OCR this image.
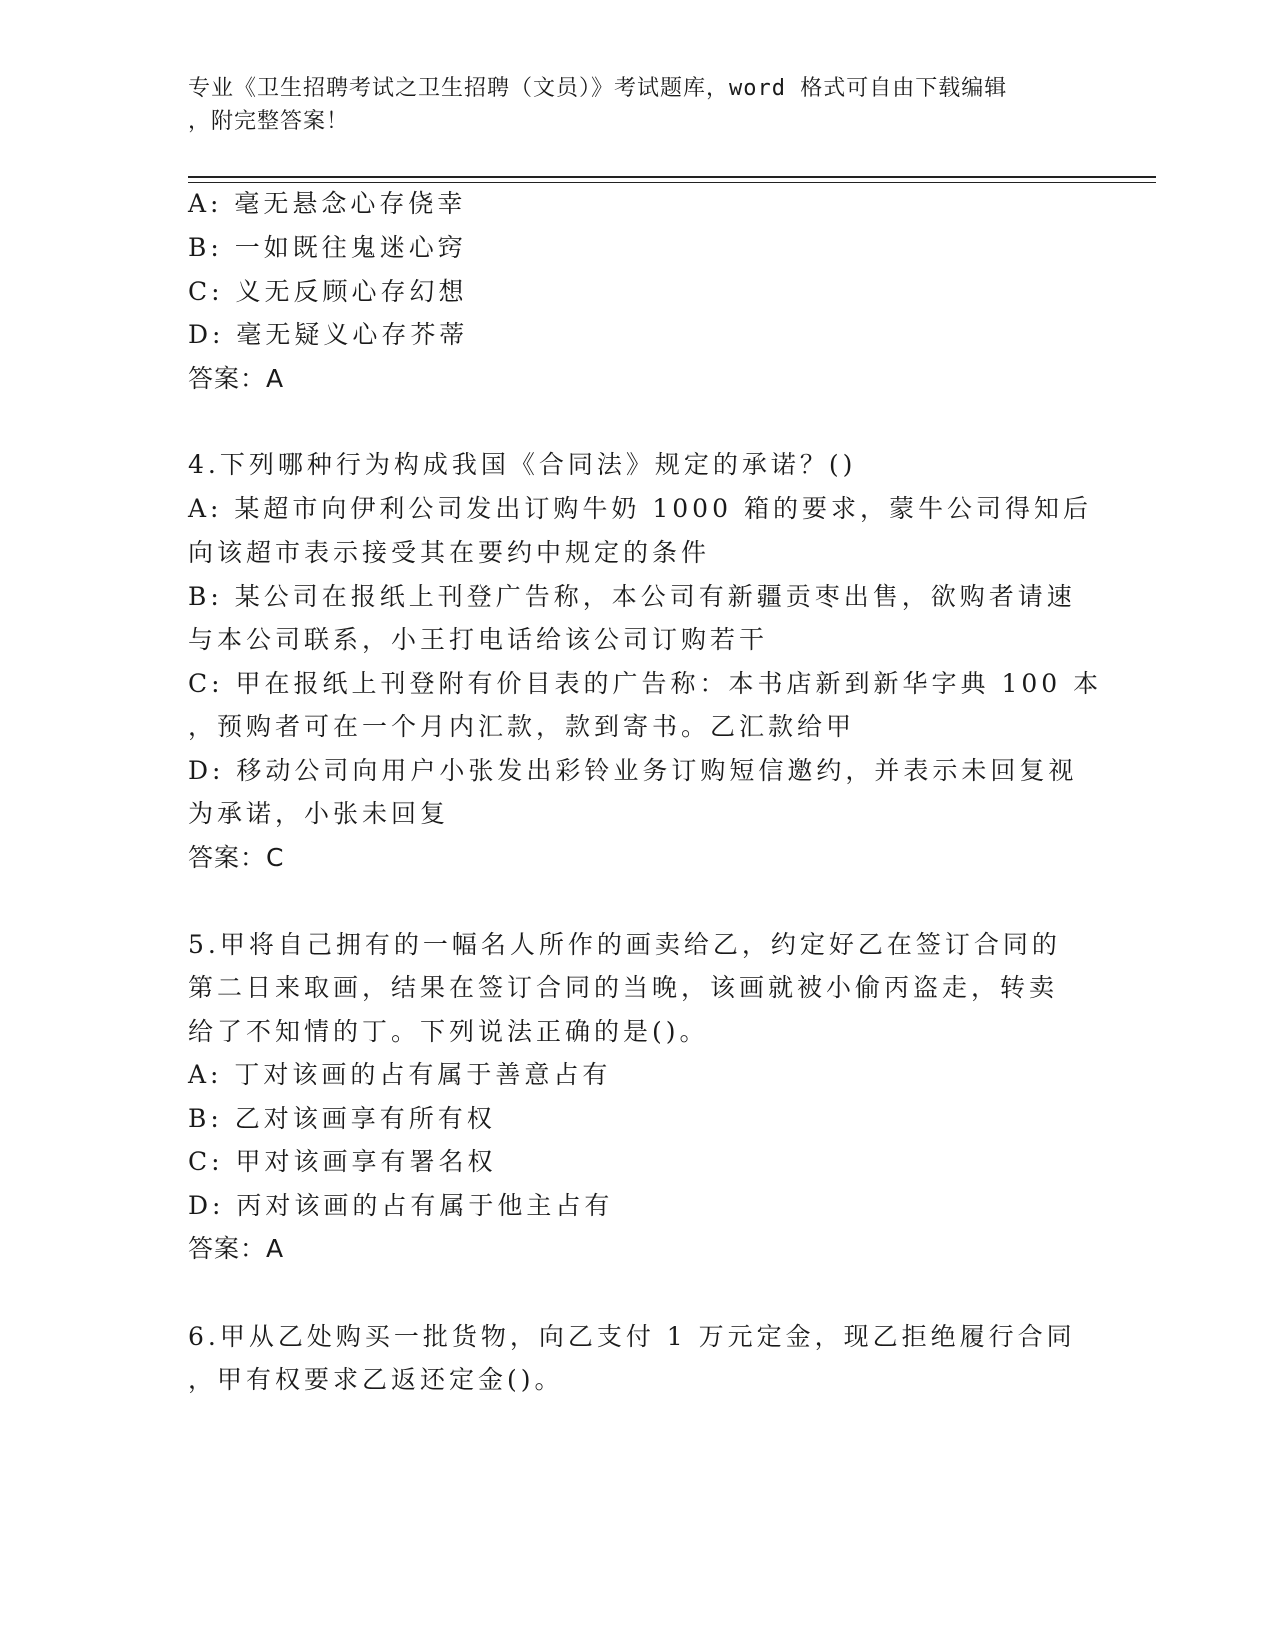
专业《卫生招聘考试之卫生招聘（文员）》考试题库，word 格式可自由下载编辑
，附完整答案！
A: 毫无悬念心存侥幸
B: 一如既往鬼迷心窍
C: 义无反顾心存幻想
D: 毫无疑义心存芥蒂
答案：A
4.下列哪种行为构成我国《合同法》规定的承诺？()
A: 某超市向伊利公司发出订购牛奶 1000 箱的要求，蒙牛公司得知后
向该超市表示接受其在要约中规定的条件
B: 某公司在报纸上刊登广告称，本公司有新疆贡枣出售，欲购者请速
与本公司联系，小王打电话给该公司订购若干
C: 甲在报纸上刊登附有价目表的广告称：本书店新到新华字典 100 本
，预购者可在一个月内汇款，款到寄书。乙汇款给甲
D: 移动公司向用户小张发出彩铃业务订购短信邀约，并表示未回复视
为承诺，小张未回复
答案：C
5.甲将自己拥有的一幅名人所作的画卖给乙，约定好乙在签订合同的
第二日来取画，结果在签订合同的当晚，该画就被小偷丙盗走，转卖
给了不知情的丁。下列说法正确的是()。
A: 丁对该画的占有属于善意占有
B: 乙对该画享有所有权
C: 甲对该画享有署名权
D: 丙对该画的占有属于他主占有
答案：A
6.甲从乙处购买一批货物，向乙支付 1 万元定金，现乙拒绝履行合同
，甲有权要求乙返还定金()。
